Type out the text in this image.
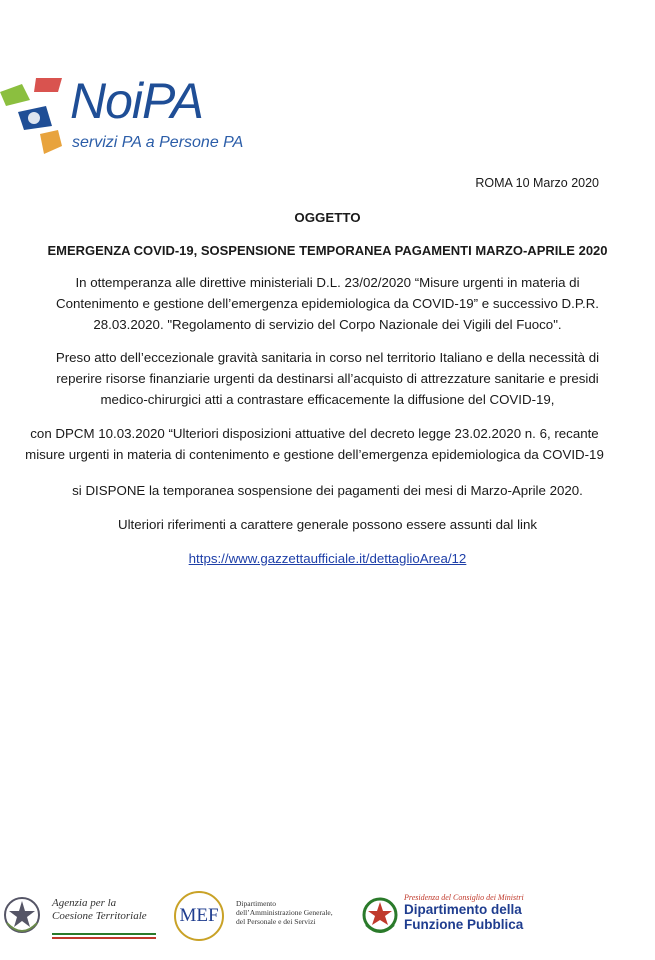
NoiPA
servizi PA a Persone PA
ROMA 10 Marzo 2020
OGGETTO
EMERGENZA COVID-19, SOSPENSIONE TEMPORANEA PAGAMENTI MARZO-APRILE 2020
In ottemperanza alle direttive ministeriali D.L. 23/02/2020 “Misure urgenti in materia di
Contenimento e gestione dell’emergenza epidemiologica da COVID-19” e successivo D.P.R.
28.03.2020. "Regolamento di servizio del Corpo Nazionale dei Vigili del Fuoco".
Preso atto dell’eccezionale gravità sanitaria in corso nel territorio Italiano e della necessità di
reperire risorse finanziarie urgenti da destinarsi all’acquisto di attrezzature sanitarie e presidi
medico-chirurgici atti a contrastare efficacemente la diffusione del COVID-19,
con DPCM 10.03.2020 “Ulteriori disposizioni attuative del decreto legge 23.02.2020 n. 6, recante
misure urgenti in materia di contenimento e gestione dell’emergenza epidemiologica da COVID-19
si DISPONE la temporanea sospensione dei pagamenti dei mesi di Marzo-Aprile 2020.
Ulteriori riferimenti a carattere generale possono essere assunti dal link
https://www.gazzettaufficiale.it/dettaglioArea/12
Agenzia per la
Coesione Territoriale MEF
Dipartimento
dell’Amministrazione Generale,
del Personale e dei Servizi
Presidenza del Consiglio dei Ministri
Dipartimento della
Funzione Pubblica
